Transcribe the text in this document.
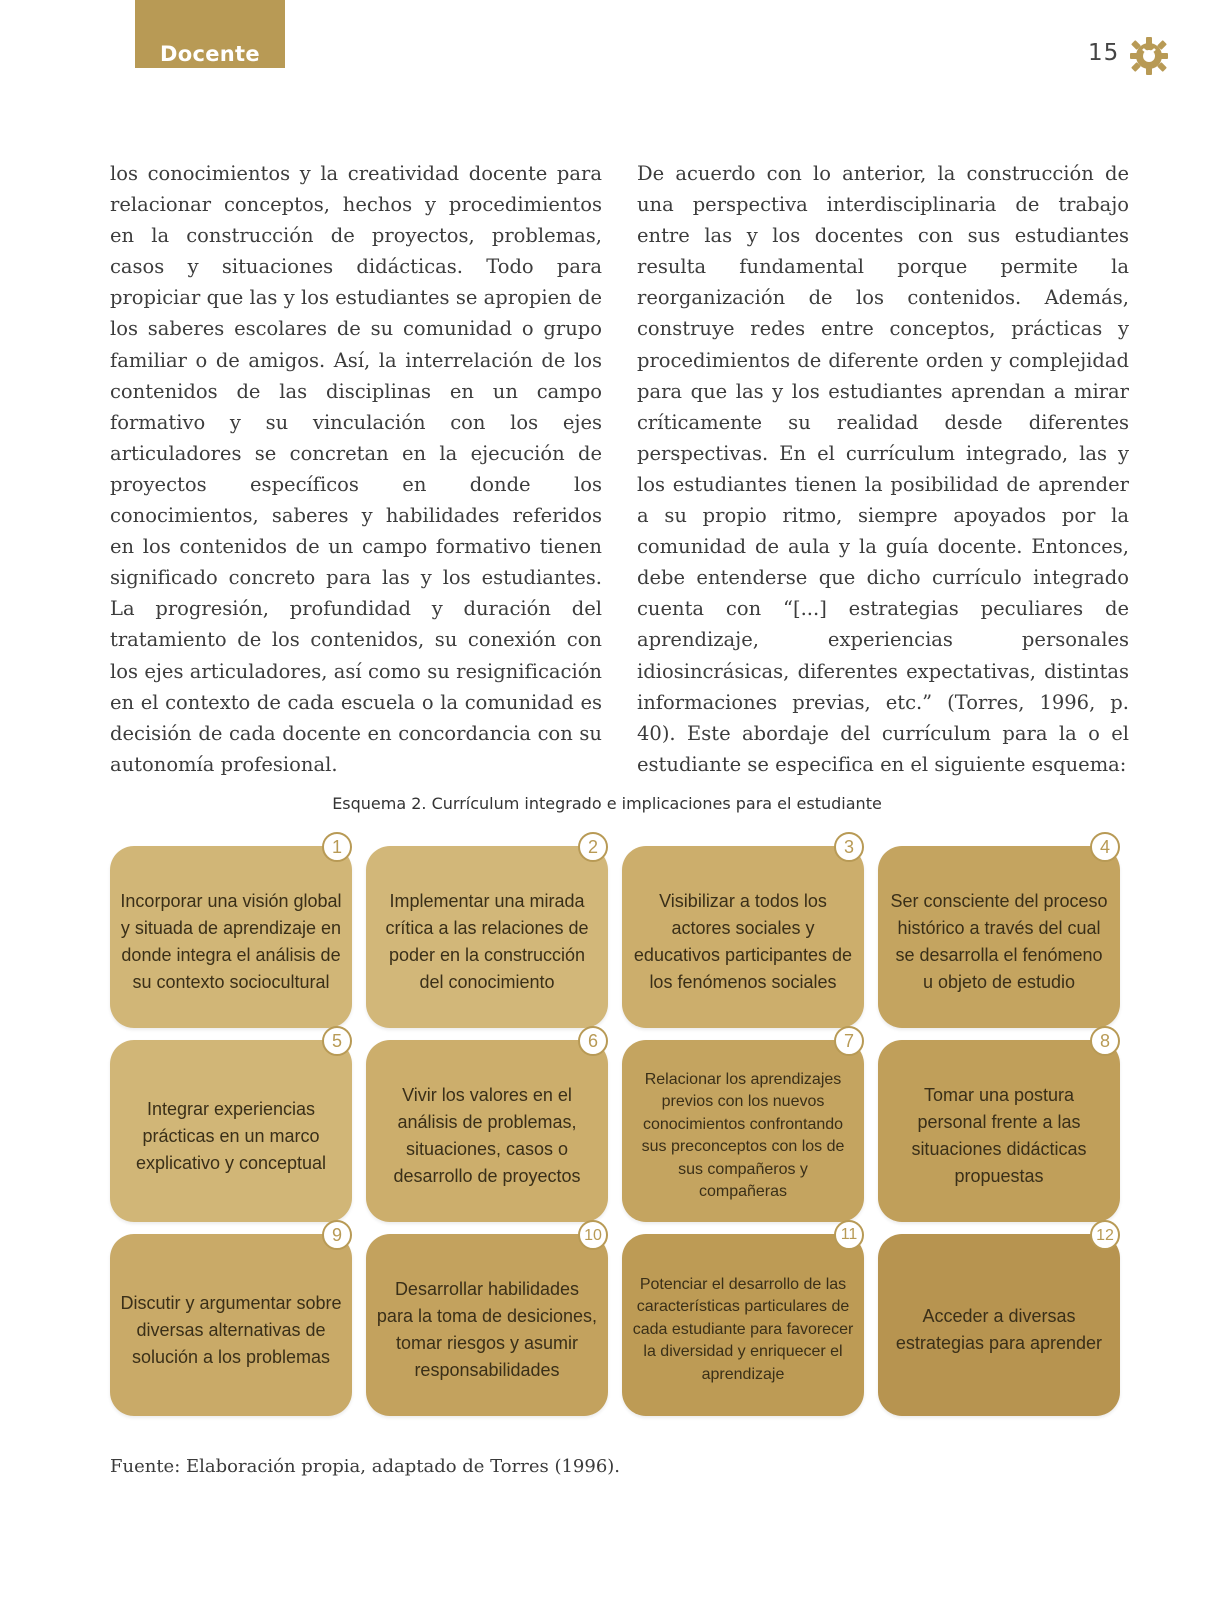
Docente	15
los conocimientos y la creatividad docente para relacionar conceptos, hechos y procedimientos en la construcción de proyectos, problemas, casos y situaciones didácticas. Todo para propiciar que las y los estudiantes se apropien de los saberes escolares de su comunidad o grupo familiar o de amigos. Así, la interrelación de los contenidos de las disciplinas en un campo formativo y su vinculación con los ejes articuladores se concretan en la ejecución de proyectos específicos en donde los conocimientos, saberes y habilidades referidos en los contenidos de un campo formativo tienen significado concreto para las y los estudiantes. La progresión, profundidad y duración del tratamiento de los contenidos, su conexión con los ejes articuladores, así como su resignificación en el contexto de cada escuela o la comunidad es decisión de cada docente en concordancia con su autonomía profesional.
De acuerdo con lo anterior, la construcción de una perspectiva interdisciplinaria de trabajo entre las y los docentes con sus estudiantes resulta fundamental porque permite la reorganización de los contenidos. Además, construye redes entre conceptos, prácticas y procedimientos de diferente orden y complejidad para que las y los estudiantes aprendan a mirar críticamente su realidad desde diferentes perspectivas. En el currículum integrado, las y los estudiantes tienen la posibilidad de aprender a su propio ritmo, siempre apoyados por la comunidad de aula y la guía docente. Entonces, debe entenderse que dicho currículo integrado cuenta con “[...] estrategias peculiares de aprendizaje, experiencias personales idiosincrásicas, diferentes expectativas, distintas informaciones previas, etc.” (Torres, 1996, p. 40). Este abordaje del currículum para la o el estudiante se especifica en el siguiente esquema:
Esquema 2. Currículum integrado e implicaciones para el estudiante
1
Incorporar una visión global y situada de aprendizaje en donde integra el análisis de su contexto sociocultural
2
Implementar una mirada crítica a las relaciones de poder en la construcción del conocimiento
3
Visibilizar a todos los actores sociales y educativos participantes de los fenómenos sociales
4
Ser consciente del proceso histórico a través del cual se desarrolla el fenómeno u objeto de estudio
5
Integrar experiencias prácticas en un marco explicativo y conceptual
6
Vivir los valores en el análisis de problemas, situaciones, casos o desarrollo de proyectos
7
Relacionar los aprendizajes previos con los nuevos conocimientos confrontando sus preconceptos con los de sus compañeros y compañeras
8
Tomar una postura personal frente a las situaciones didácticas propuestas
9
Discutir y argumentar sobre diversas alternativas de solución a los problemas
10
Desarrollar habilidades para la toma de desiciones, tomar riesgos y asumir responsabilidades
11
Potenciar el desarrollo de las características particulares de cada estudiante para favorecer la diversidad y enriquecer el aprendizaje
12
Acceder a diversas estrategias para aprender
Fuente: Elaboración propia, adaptado de Torres (1996).
